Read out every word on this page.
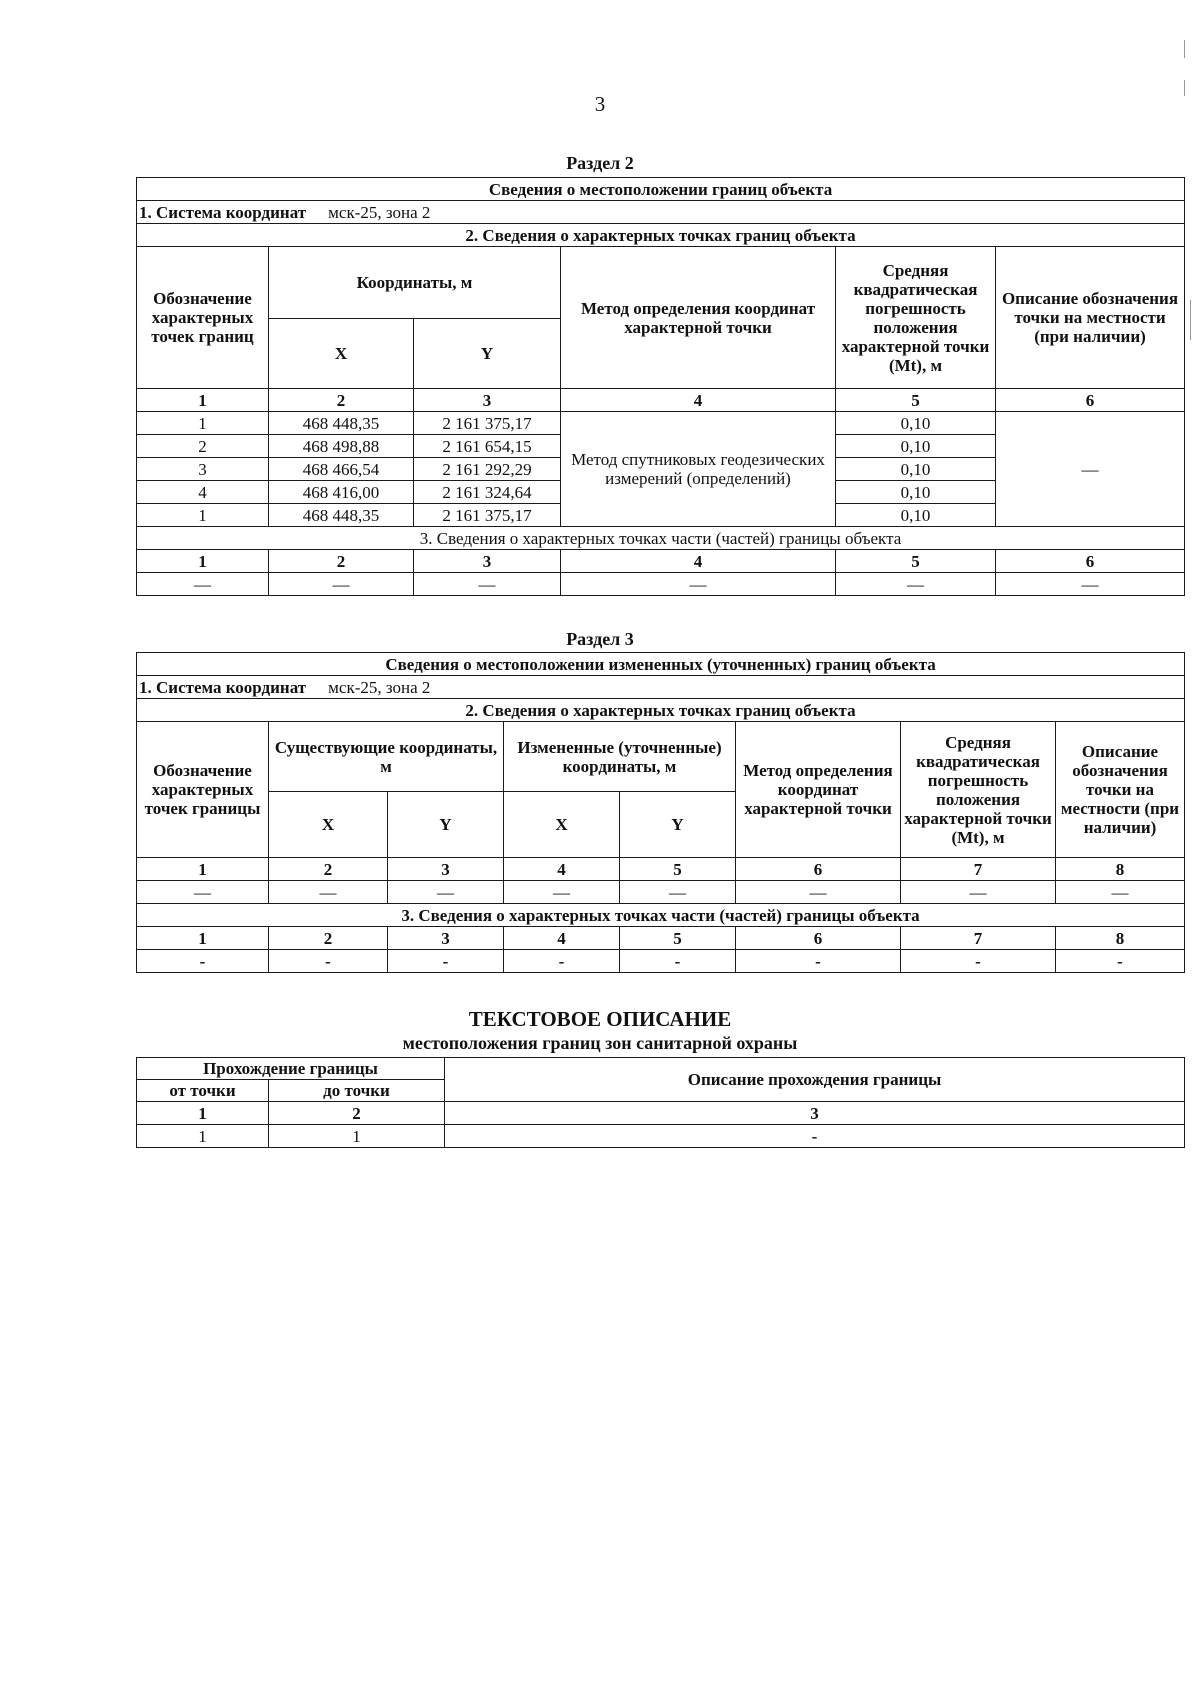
3
Раздел 2
Сведения о местоположении границ объекта					
1. Система координат мск-25, зона 2					
2. Сведения о характерных точках границ объекта					
Обозначение характерных точек границ	Координаты, м		Метод определения координат характерной точки	Средняя квадратическая погрешность положения характерной точки (Mt), м	Описание обозначения точки на местности (при наличии)
	X	Y			
1	2	3	4	5	6
1	468 448,35	2 161 375,17	Метод спутниковых геодезических измерений (определений)	0,10	—
2	468 498,88	2 161 654,15		0,10	
3	468 466,54	2 161 292,29		0,10	
4	468 416,00	2 161 324,64		0,10	
1	468 448,35	2 161 375,17		0,10	
3. Сведения о характерных точках части (частей) границы объекта					
1	2	3	4	5	6
—	—	—	—	—	—
Раздел 3
Сведения о местоположении измененных (уточненных) границ объекта							
1. Система координат мск-25, зона 2							
2. Сведения о характерных точках границ объекта							
Обозначение характерных точек границы	Существующие координаты, м		Измененные (уточненные) координаты, м		Метод определения координат характерной точки	Средняя квадратическая погрешность положения характерной точки (Mt), м	Описание обозначения точки на местности (при наличии)
	X	Y	X	Y			
1	2	3	4	5	6	7	8
—	—	—	—	—	—	—	—
3. Сведения о характерных точках части (частей) границы объекта							
1	2	3	4	5	6	7	8
-	-	-	-	-	-	-	-
ТЕКСТОВОЕ ОПИСАНИЕ
местоположения границ зон санитарной охраны
Прохождение границы		Описание прохождения границы
от точки	до точки	
1	2	3
1	1	-
